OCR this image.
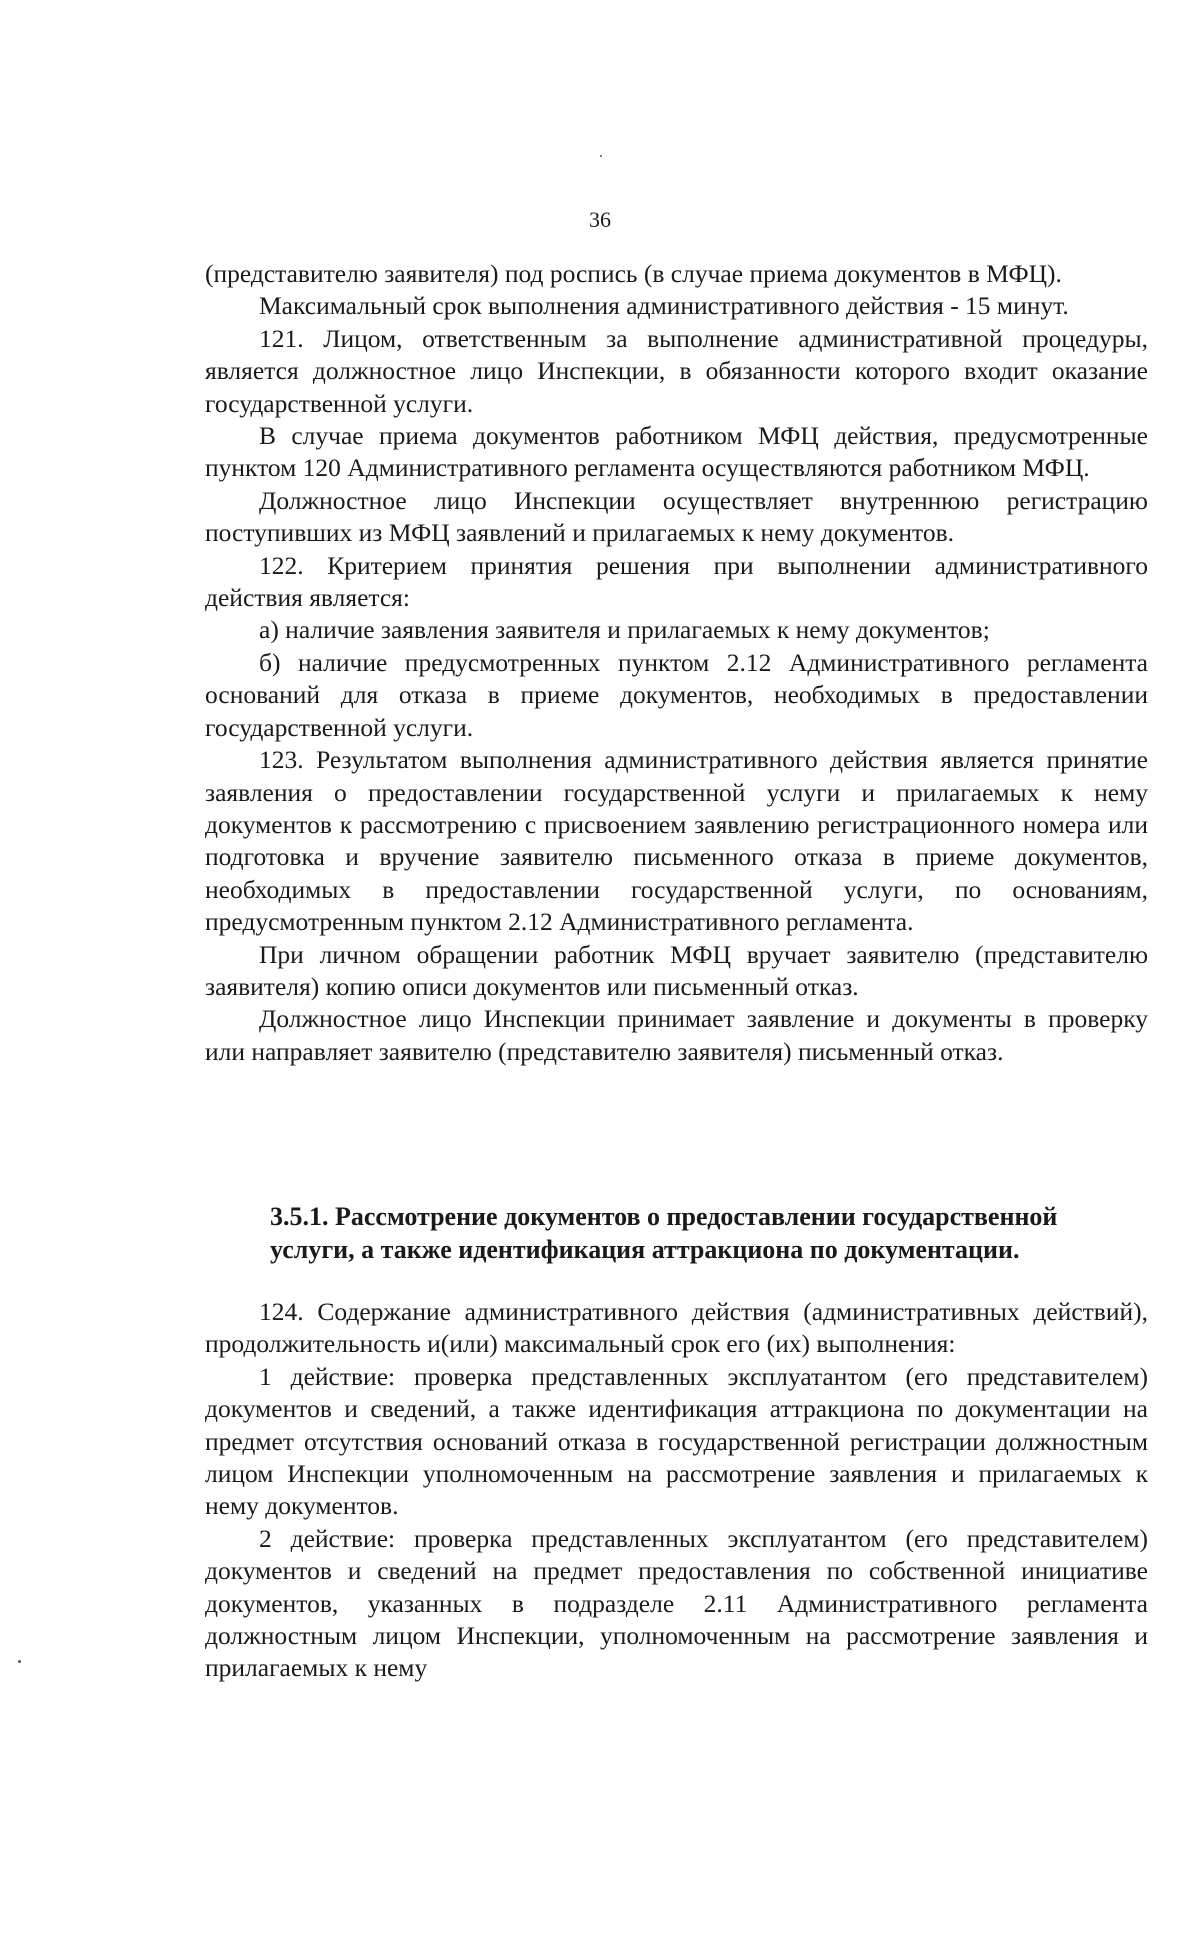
36

(представителю заявителя) под роспись (в случае приема документов в МФЦ).

Максимальный срок выполнения административного действия - 15 минут.

121. Лицом, ответственным за выполнение административной процедуры, является должностное лицо Инспекции, в обязанности которого входит оказание государственной услуги.

В случае приема документов работником МФЦ действия, предусмотренные пунктом 120 Административного регламента осуществляются работником МФЦ.

Должностное лицо Инспекции осуществляет внутреннюю регистрацию поступивших из МФЦ заявлений и прилагаемых к нему документов.

122. Критерием принятия решения при выполнении административного действия является:

а) наличие заявления заявителя и прилагаемых к нему документов;

б) наличие предусмотренных пунктом 2.12 Административного регламента оснований для отказа в приеме документов, необходимых в предоставлении государственной услуги.

123. Результатом выполнения административного действия является принятие заявления о предоставлении государственной услуги и прилагаемых к нему документов к рассмотрению с присвоением заявлению регистрационного номера или подготовка и вручение заявителю письменного отказа в приеме документов, необходимых в предоставлении государственной услуги, по основаниям, предусмотренным пунктом 2.12 Административного регламента.

При личном обращении работник МФЦ вручает заявителю (представителю заявителя) копию описи документов или письменный отказ.

Должностное лицо Инспекции принимает заявление и документы в проверку или направляет заявителю (представителю заявителя) письменный отказ.

3.5.1. Рассмотрение документов о предоставлении государственной
услуги, а также идентификация аттракциона по документации.

124. Содержание административного действия (административных действий), продолжительность и(или) максимальный срок его (их) выполнения:

1 действие: проверка представленных эксплуатантом (его представителем) документов и сведений, а также идентификация аттракциона по документации на предмет отсутствия оснований отказа в государственной регистрации должностным лицом Инспекции уполномоченным на рассмотрение заявления и прилагаемых к нему документов.

2 действие: проверка представленных эксплуатантом (его представителем) документов и сведений на предмет предоставления по собственной инициативе документов, указанных в подразделе 2.11 Административного регламента должностным лицом Инспекции, уполномоченным на рассмотрение заявления и прилагаемых к нему
